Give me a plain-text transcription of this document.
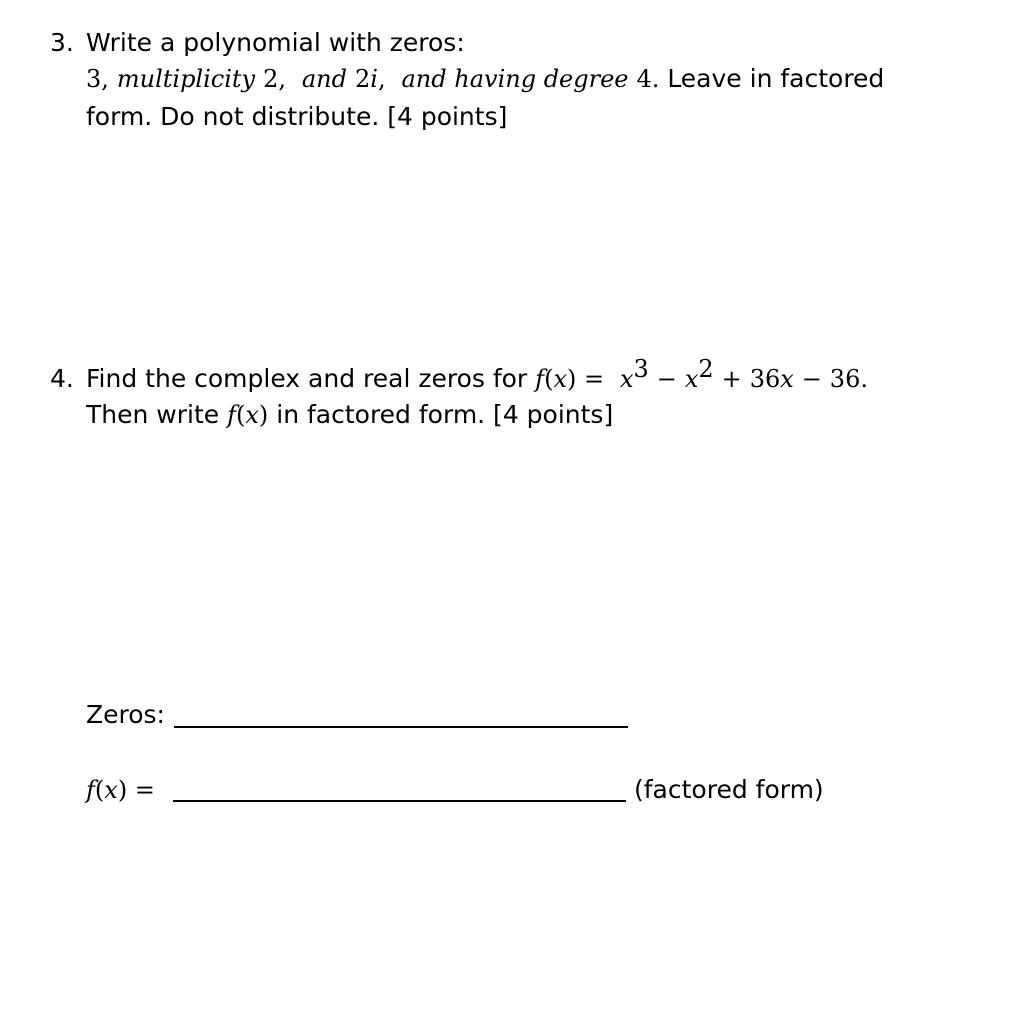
3. Write a polynomial with zeros:
3, multiplicity 2, and 2i, and having degree 4. Leave in factored
form. Do not distribute. [4 points]
4. Find the complex and real zeros for $f(x) = x^3 - x^2 + 36x - 36$.
Then write f(x) in factored form. [4 points]
Zeros:
f(x) =	(factored form)
